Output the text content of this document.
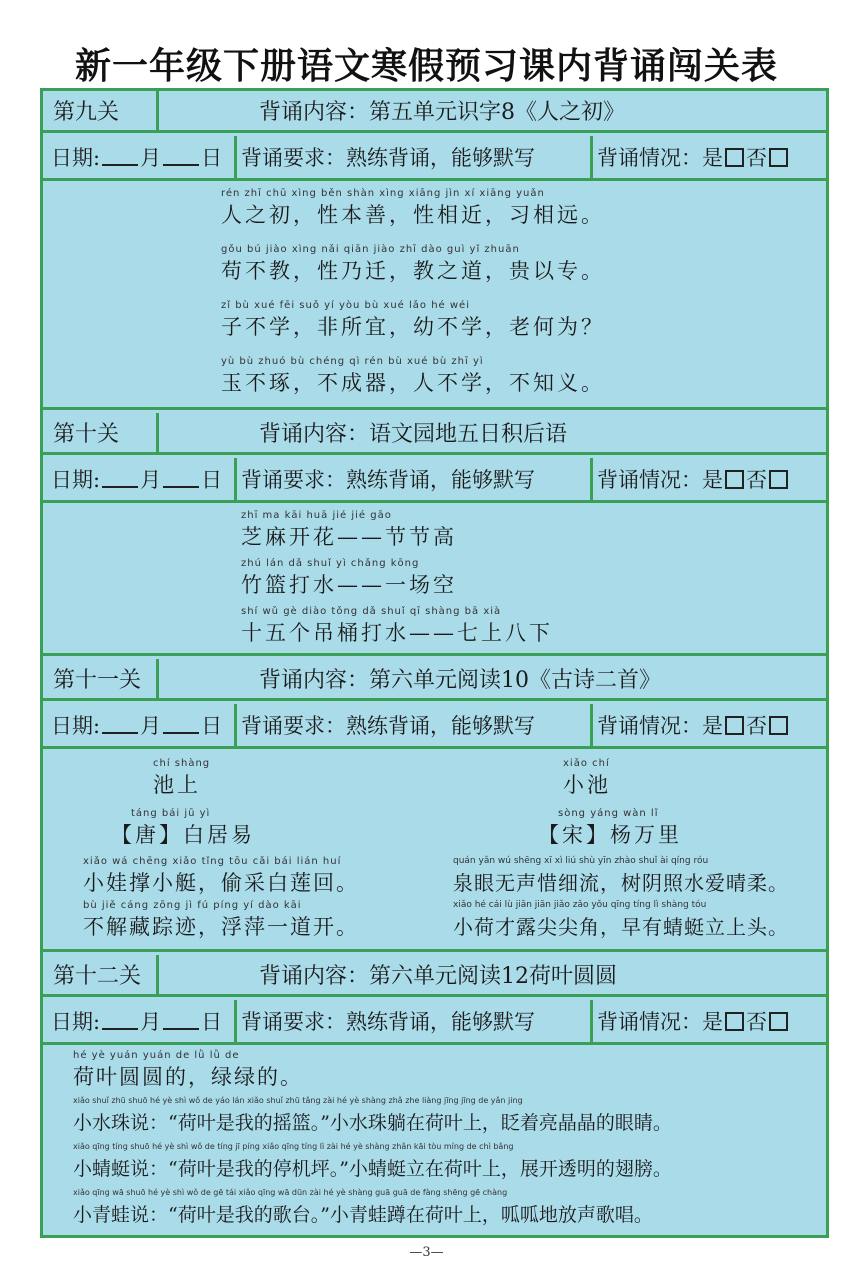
新一年级下册语文寒假预习课内背诵闯关表
第九关	背诵内容：第五单元识字8《人之初》
日期: 月 日 背诵要求：熟练背诵，能够默写	背诵情况： 是 否
rén zhī chū xìng běn shàn xìng xiāng jìn xí xiāng yuǎn
人之初，性本善，性相近，习相远。
gǒu bú jiào xìng nǎi qiān jiào zhī dào guì yǐ zhuān
苟不教，性乃迁，教之道，贵以专。
zǐ bù xué fēi suǒ yí yòu bù xué lǎo hé wéi
子不学，非所宜，幼不学，老何为？
yù bù zhuó bù chéng qì rén bù xué bù zhī yì
玉不琢，不成器，人不学，不知义。
第十关	背诵内容：语文园地五日积后语
日期: 月 日 背诵要求：熟练背诵，能够默写	背诵情况： 是 否
zhī ma kāi huā jié jié gāo
芝麻开花——节节高
zhú lán dǎ shuǐ yì chǎng kōng
竹篮打水——一场空
shí wǔ gè diào tǒng dǎ shuǐ qī shàng bā xià
十五个吊桶打水——七上八下
第十一关	背诵内容：第六单元阅读10《古诗二首》
日期: 月 日 背诵要求：熟练背诵，能够默写	背诵情况： 是 否
chí shàng
池上
táng bái jū yì
【唐】白居易
xiǎo wá chēng xiǎo tǐng tōu cǎi bái lián huí
小娃撑小艇，偷采白莲回。
bù jiě cáng zōng jì fú píng yí dào kāi
不解藏踪迹，浮萍一道开。
xiǎo chí
小池
sòng yáng wàn lǐ
【宋】杨万里
quán yǎn wú shēng xī xì liú shù yīn zhào shuǐ ài qíng róu
泉眼无声惜细流，树阴照水爱晴柔。
xiǎo hé cái lù jiān jiān jiǎo zǎo yǒu qīng tíng lì shàng tóu
小荷才露尖尖角，早有蜻蜓立上头。
第十二关	背诵内容：第六单元阅读12荷叶圆圆
日期: 月 日 背诵要求：熟练背诵，能够默写	背诵情况： 是 否
hé yè yuán yuán de lǜ lǜ de
荷叶圆圆的，绿绿的。
xiǎo shuǐ zhū shuō hé yè shì wǒ de yáo lán xiǎo shuǐ zhū tǎng zài hé yè shàng zhǎ zhe liàng jīng jīng de yǎn jing
小水珠说：“荷叶是我的摇篮。”小水珠躺在荷叶上，眨着亮晶晶的眼睛。
xiǎo qīng tíng shuō hé yè shì wǒ de tíng jī píng xiǎo qīng tíng lì zài hé yè shàng zhǎn kāi tòu míng de chì bǎng
小蜻蜓说：“荷叶是我的停机坪。”小蜻蜓立在荷叶上，展开透明的翅膀。
xiǎo qīng wā shuō hé yè shì wǒ de gē tái xiǎo qīng wā dūn zài hé yè shàng guā guā de fàng shēng gē chàng
小青蛙说：“荷叶是我的歌台。”小青蛙蹲在荷叶上，呱呱地放声歌唱。
—3—
